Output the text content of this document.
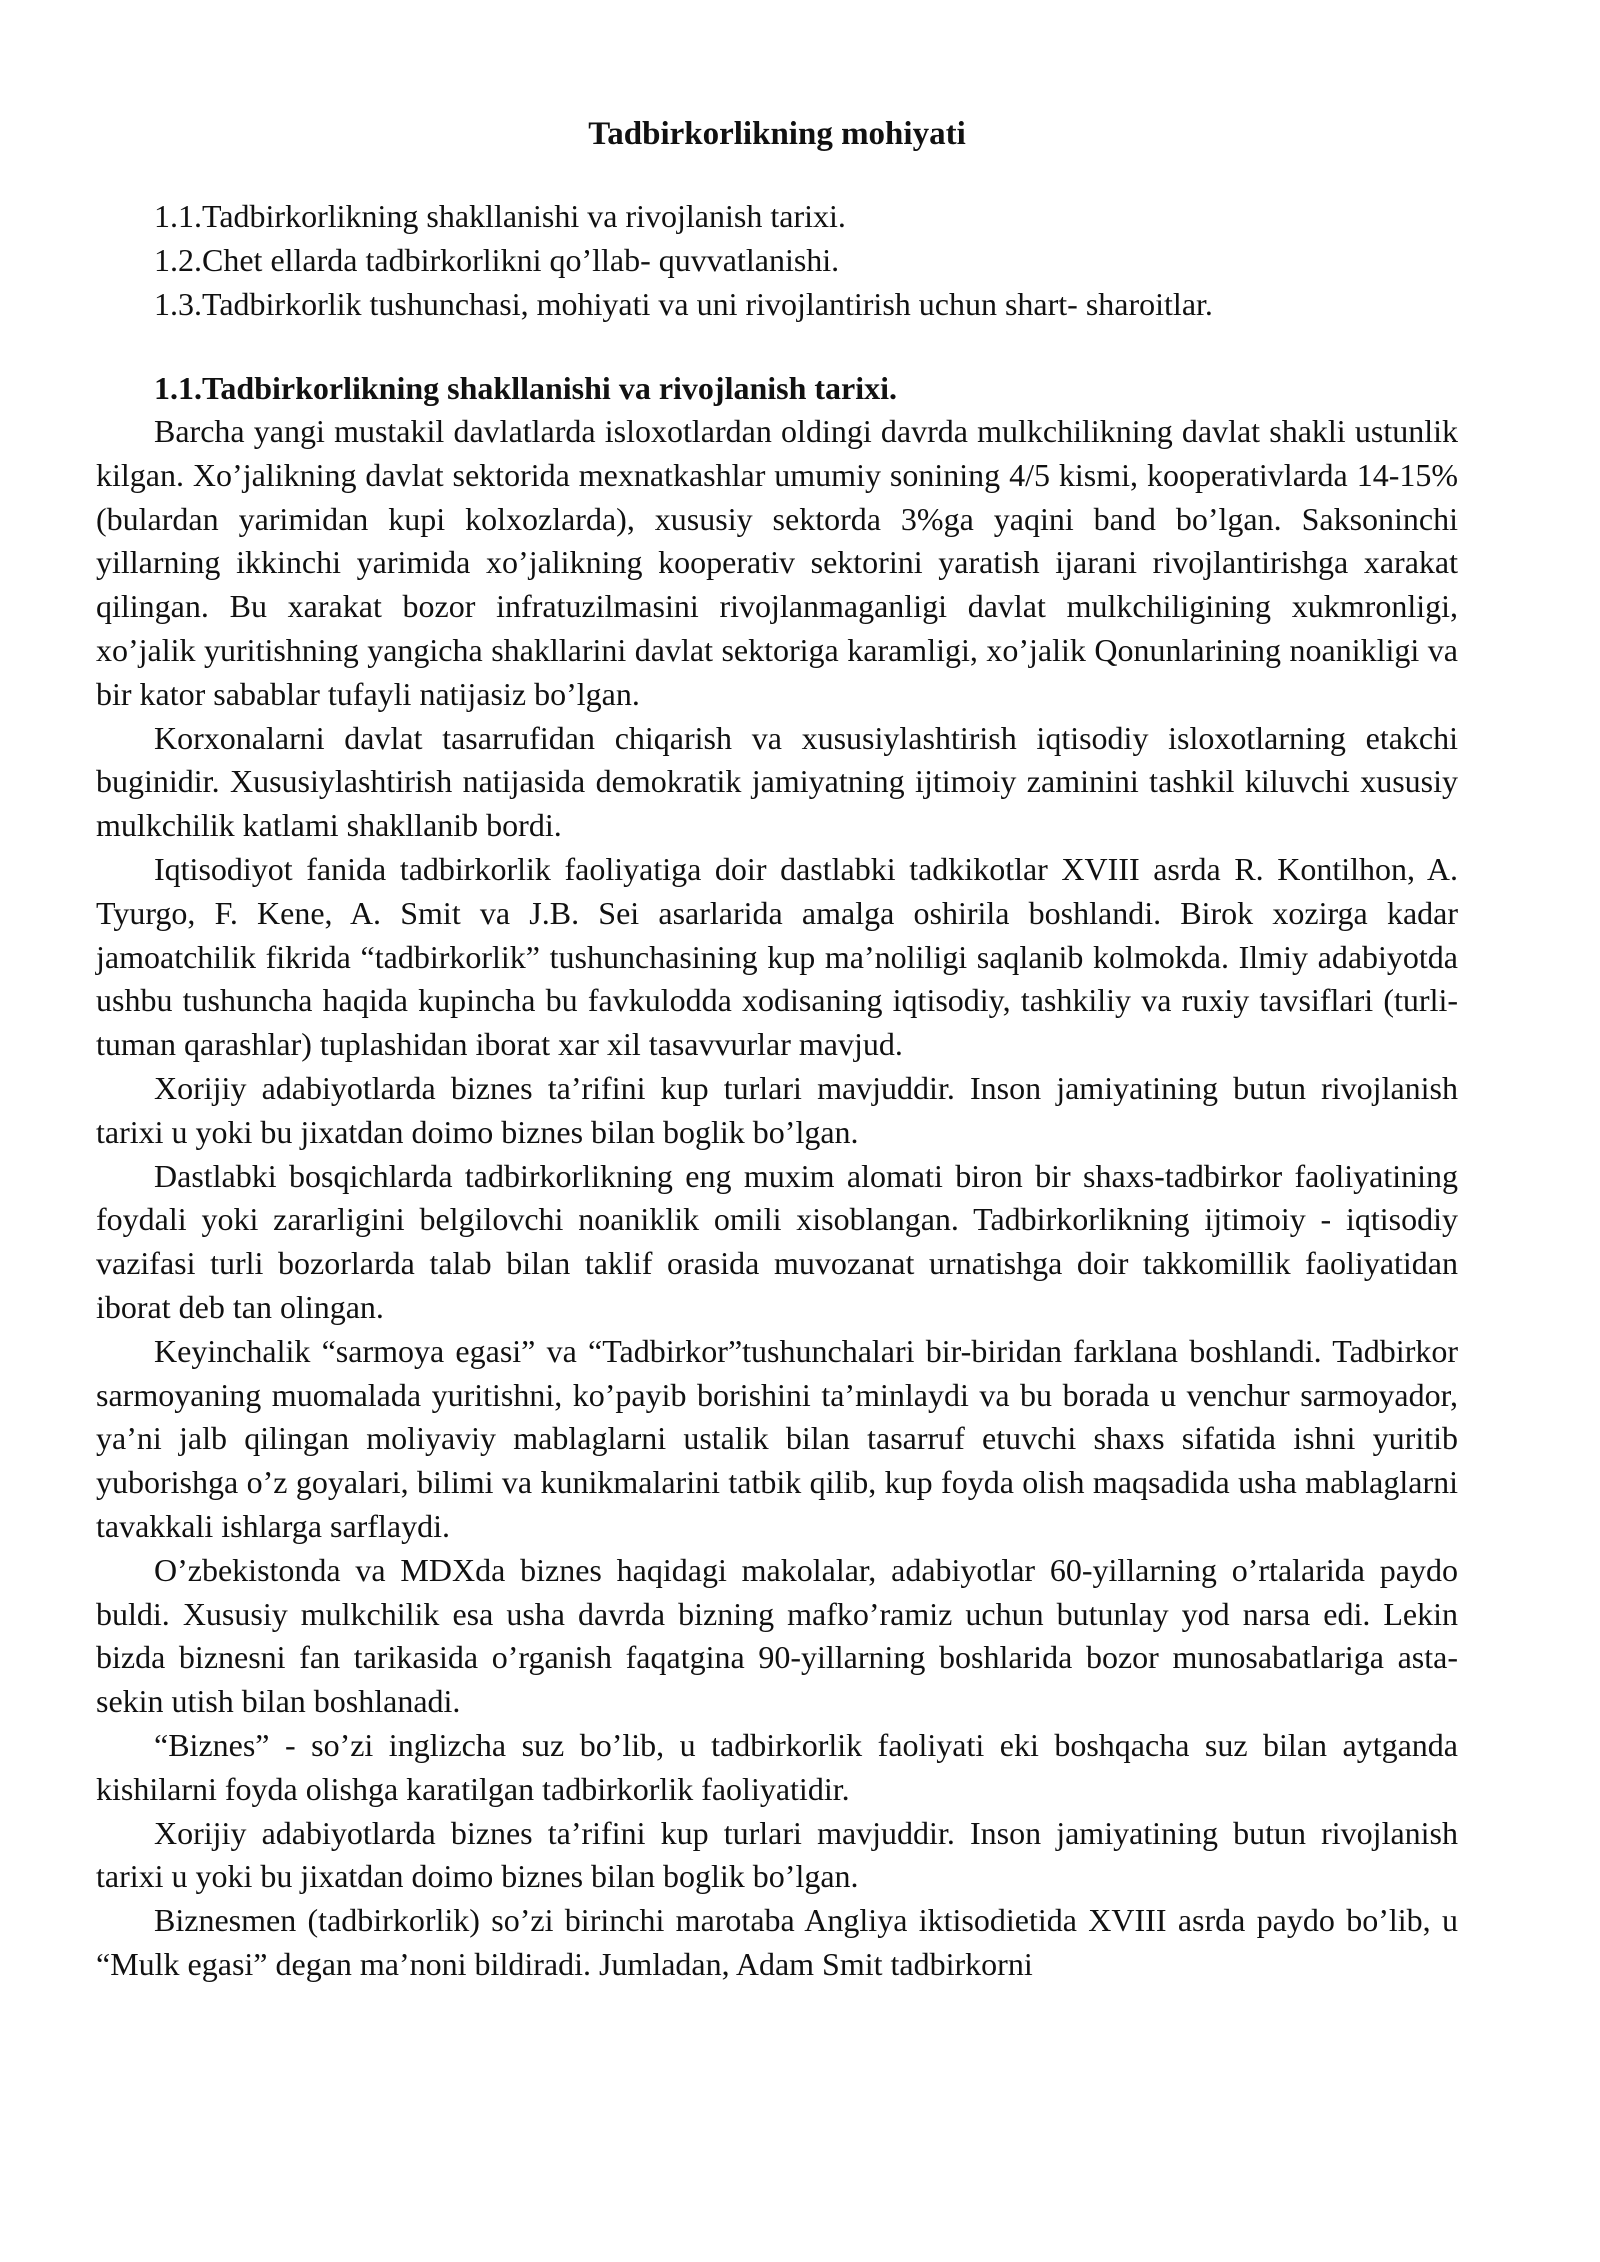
Tadbirkorlikning mohiyati
1.1.Tadbirkorlikning shakllanishi va rivojlanish tarixi.
1.2.Chet ellarda tadbirkorlikni qo’llab- quvvatlanishi.
1.3.Tadbirkorlik tushunchasi, mohiyati va uni rivojlantirish uchun shart- sharoitlar.
1.1.Tadbirkorlikning shakllanishi va rivojlanish tarixi.

Barcha yangi mustakil davlatlarda isloxotlardan oldingi davrda mulkchilikning davlat shakli ustunlik kilgan. Xo’jalikning davlat sektorida mexnatkashlar umumiy sonining 4/5 kismi, kooperativlarda 14-15% (bulardan yarimidan kupi kolxozlarda), xususiy sektorda 3%ga yaqini band bo’lgan. Saksoninchi yillarning ikkinchi yarimida xo’jalikning kooperativ sektorini yaratish ijarani rivojlantirishga xarakat qilingan. Bu xarakat bozor infratuzilmasini rivojlanmaganligi davlat mulkchiligining xukmronligi, xo’jalik yuritishning yangicha shakllarini davlat sektoriga karamligi, xo’jalik Qonunlarining noanikligi va bir kator sabablar tufayli natijasiz bo’lgan.

Korxonalarni davlat tasarrufidan chiqarish va xususiylashtirish iqtisodiy isloxotlarning etakchi buginidir. Xususiylashtirish natijasida demokratik jamiyatning ijtimoiy zaminini tashkil kiluvchi xususiy mulkchilik katlami shakllanib bordi.

Iqtisodiyot fanida tadbirkorlik faoliyatiga doir dastlabki tadkikotlar XVIII asrda R. Kontilhon, A. Tyurgo, F. Kene, A. Smit va J.B. Sei asarlarida amalga oshirila boshlandi. Birok xozirga kadar jamoatchilik fikrida “tadbirkorlik” tushunchasining kup ma’noliligi saqlanib kolmokda. Ilmiy adabiyotda ushbu tushuncha haqida kupincha bu favkulodda xodisaning iqtisodiy, tashkiliy va ruxiy tavsiflari (turli-tuman qarashlar) tuplashidan iborat xar xil tasavvurlar mavjud.

Xorijiy adabiyotlarda biznes ta’rifini kup turlari mavjuddir. Inson jamiyatining butun rivojlanish tarixi u yoki bu jixatdan doimo biznes bilan boglik bo’lgan.

Dastlabki bosqichlarda tadbirkorlikning eng muxim alomati biron bir shaxs-tadbirkor faoliyatining foydali yoki zararligini belgilovchi noaniklik omili xisoblangan. Tadbirkorlikning ijtimoiy - iqtisodiy vazifasi turli bozorlarda talab bilan taklif orasida muvozanat urnatishga doir takkomillik faoliyatidan iborat deb tan olingan.

Keyinchalik “sarmoya egasi” va “Tadbirkor”tushunchalari bir-biridan farklana boshlandi. Tadbirkor sarmoyaning muomalada yuritishni, ko’payib borishini ta’minlaydi va bu borada u venchur sarmoyador, ya’ni jalb qilingan moliyaviy mablaglarni ustalik bilan tasarruf etuvchi shaxs sifatida ishni yuritib yuborishga o’z goyalari, bilimi va kunikmalarini tatbik qilib, kup foyda olish maqsadida usha mablaglarni tavakkali ishlarga sarflaydi.

O’zbekistonda va MDXda biznes haqidagi makolalar, adabiyotlar 60-yillarning o’rtalarida paydo buldi. Xususiy mulkchilik esa usha davrda bizning mafko’ramiz uchun butunlay yod narsa edi. Lekin bizda biznesni fan tarikasida o’rganish faqatgina 90-yillarning boshlarida bozor munosabatlariga asta-sekin utish bilan boshlanadi.

“Biznes” - so’zi inglizcha suz bo’lib, u tadbirkorlik faoliyati eki boshqacha suz bilan aytganda kishilarni foyda olishga karatilgan tadbirkorlik faoliyatidir.

Xorijiy adabiyotlarda biznes ta’rifini kup turlari mavjuddir. Inson jamiyatining butun rivojlanish tarixi u yoki bu jixatdan doimo biznes bilan boglik bo’lgan.

Biznesmen (tadbirkorlik) so’zi birinchi marotaba Angliya iktisodietida XVIII asrda paydo bo’lib, u “Mulk egasi” degan ma’noni bildiradi. Jumladan, Adam Smit tadbirkorni
